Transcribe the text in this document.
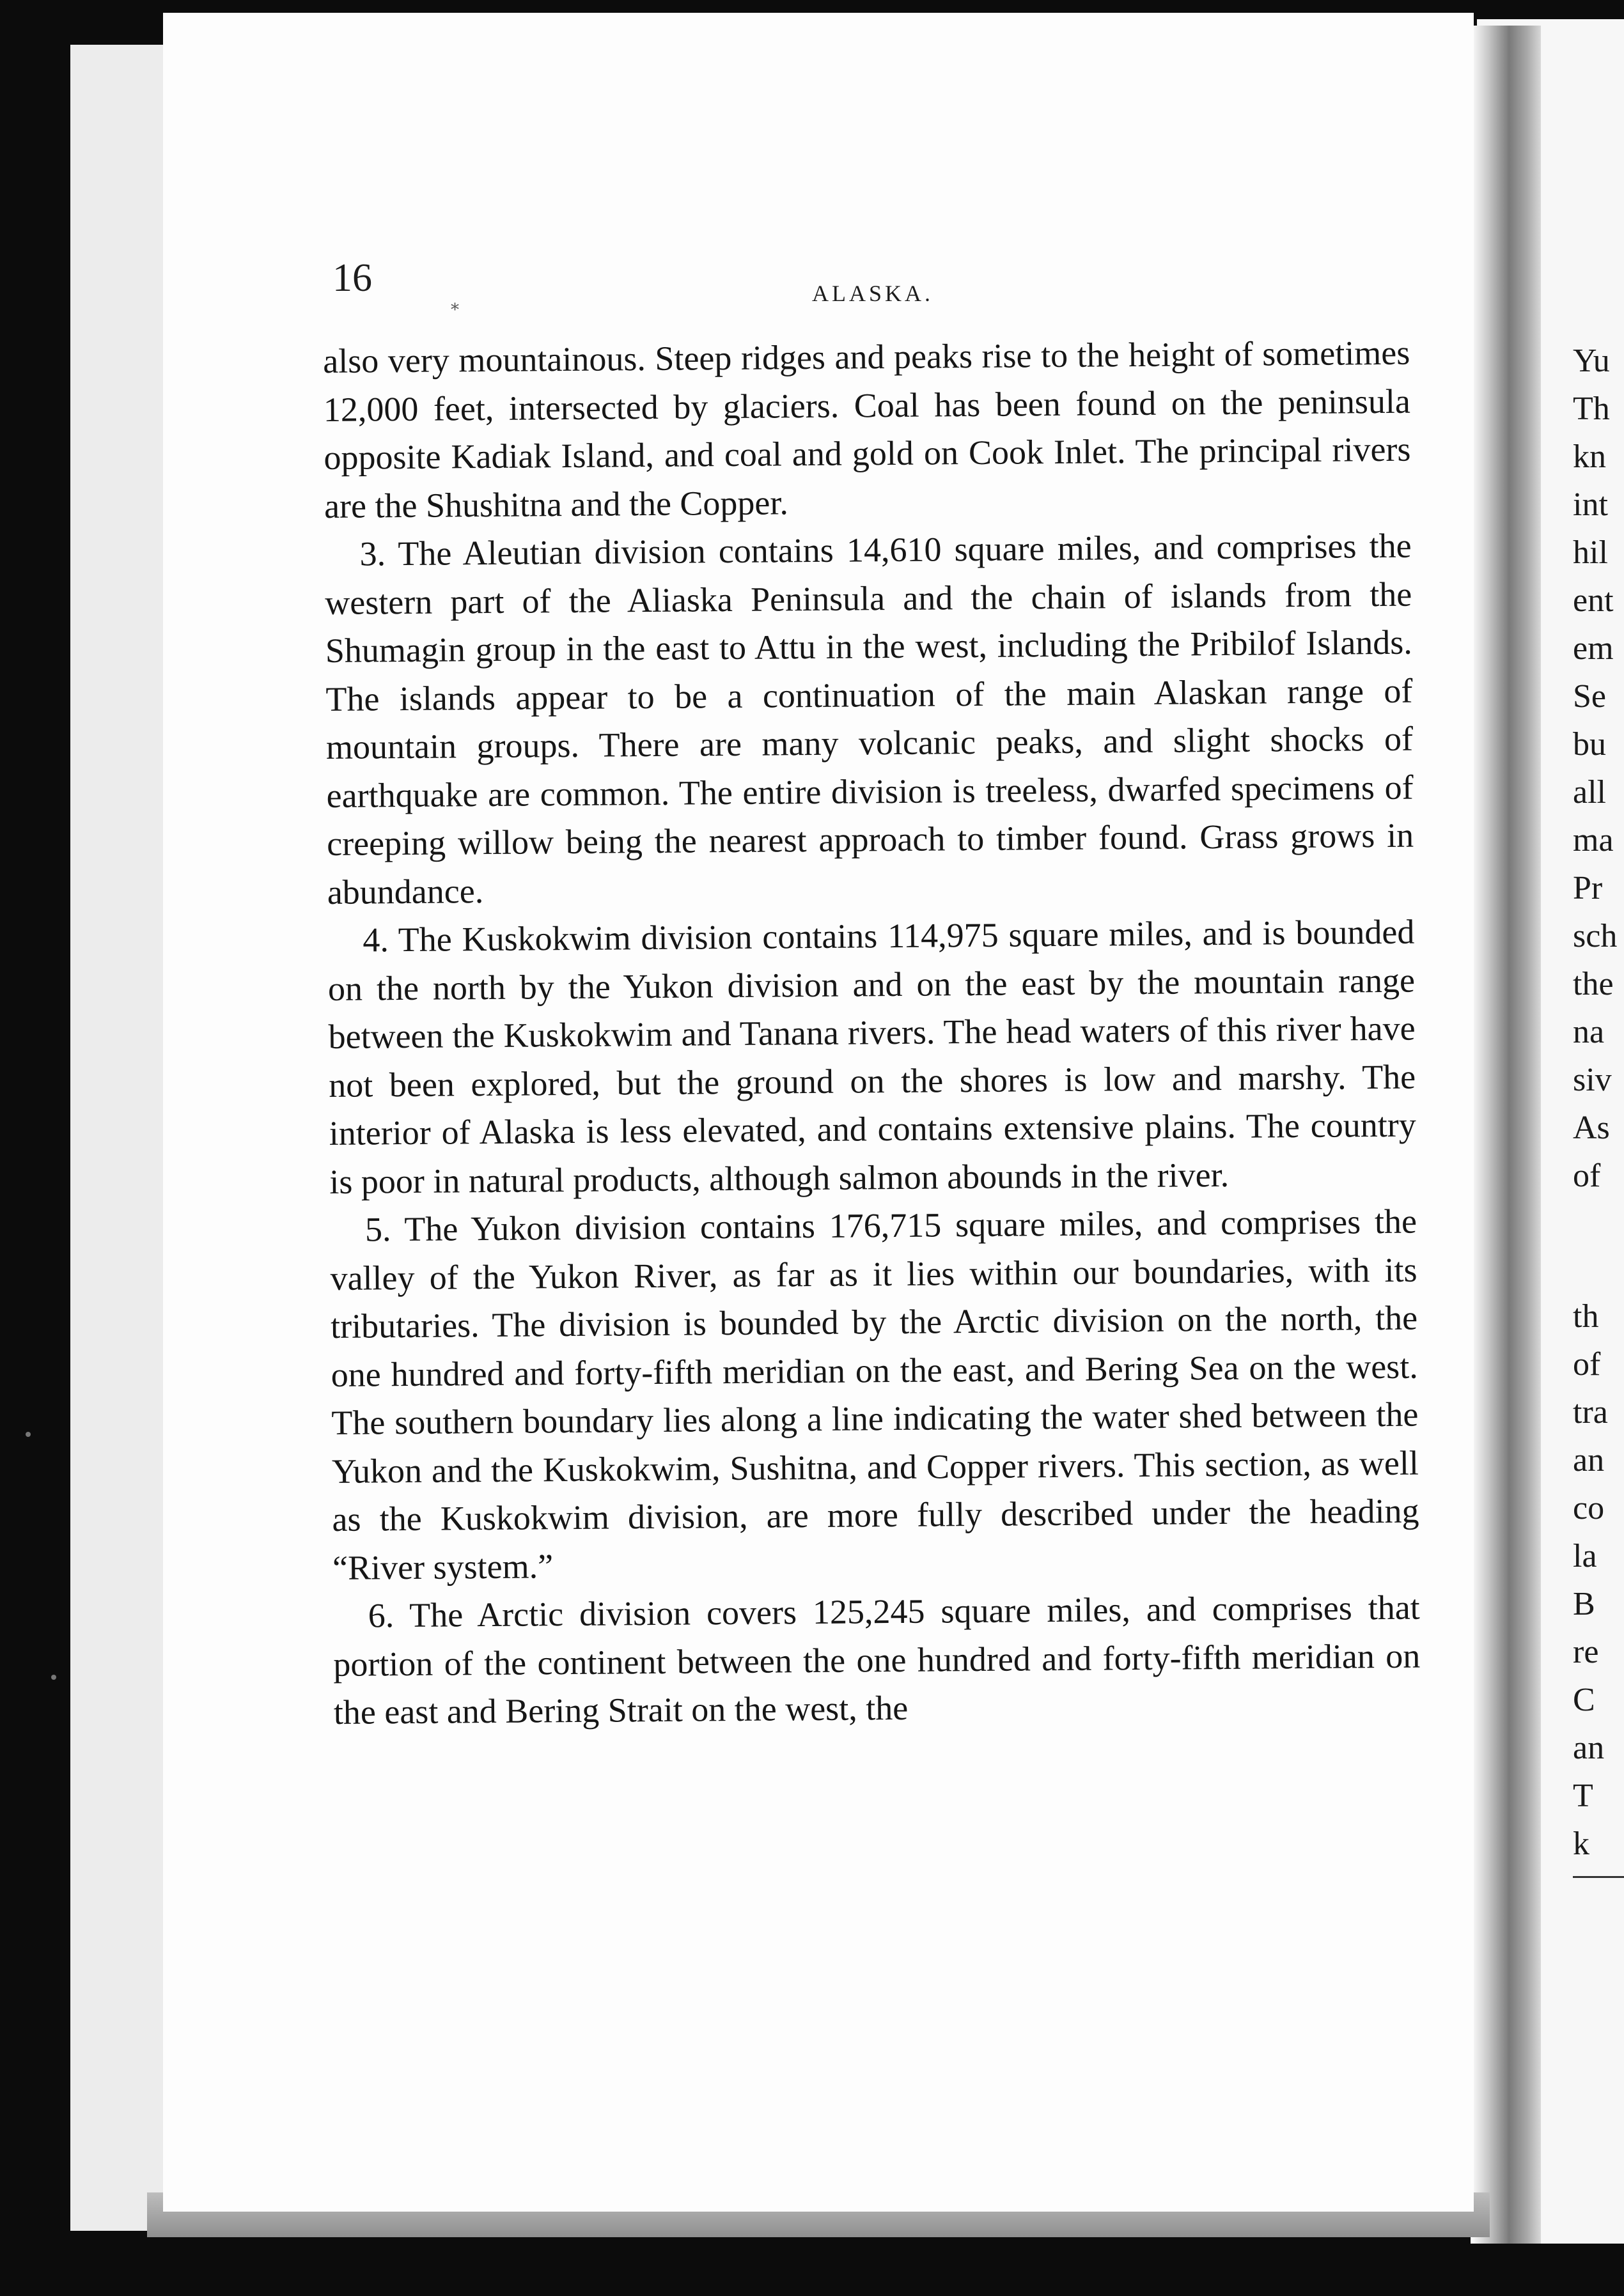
16
⁎	ALASKA.

also very mountainous. Steep ridges and peaks rise to the height of sometimes 12,000 feet, intersected by glaciers. Coal has been found on the peninsula opposite Kadiak Island, and coal and gold on Cook Inlet. The principal rivers are the Shushitna and the Copper.

3. The Aleutian division contains 14,610 square miles, and comprises the western part of the Aliaska Peninsula and the chain of islands from the Shumagin group in the east to Attu in the west, including the Pribilof Islands. The islands appear to be a continuation of the main Alaskan range of mountain groups. There are many volcanic peaks, and slight shocks of earthquake are common. The entire division is treeless, dwarfed specimens of creeping willow being the nearest approach to timber found. Grass grows in abundance.

4. The Kuskokwim division contains 114,975 square miles, and is bounded on the north by the Yukon division and on the east by the mountain range between the Kuskokwim and Tanana rivers. The head waters of this river have not been explored, but the ground on the shores is low and marshy. The interior of Alaska is less elevated, and contains extensive plains. The country is poor in natural products, although salmon abounds in the river.

5. The Yukon division contains 176,715 square miles, and comprises the valley of the Yukon River, as far as it lies within our boundaries, with its tributaries. The division is bounded by the Arctic division on the north, the one hundred and forty-fifth meridian on the east, and Bering Sea on the west. The southern boundary lies along a line indicating the water shed between the Yukon and the Kuskokwim, Sushitna, and Copper rivers. This section, as well as the Kuskokwim division, are more fully described under the heading “River system.”

6. The Arctic division covers 125,245 square miles, and comprises that portion of the continent between the one hundred and forty-fifth meridian on the east and Bering Strait on the west, the

Yu
Th
kn
int
hil
ent
em
Se
bu
all
ma
Pr
sch
the
na
siv
As
of
th
of
tra
an
co
la
B
re
C
an
T
k
